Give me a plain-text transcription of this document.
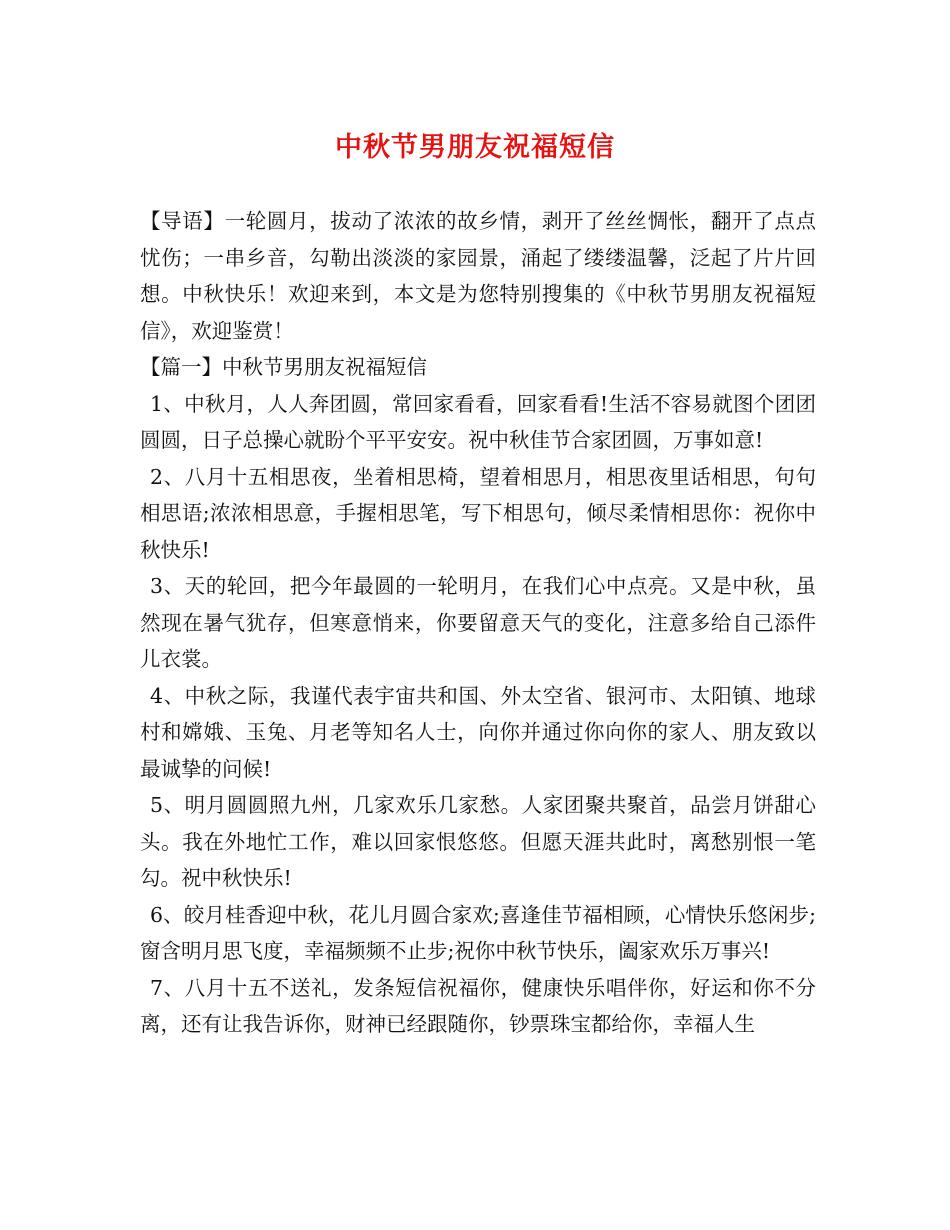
中秋节男朋友祝福短信

【导语】一轮圆月，拔动了浓浓的故乡情，剥开了丝丝惆怅，翻开了点点忧伤；一串乡音，勾勒出淡淡的家园景，涌起了缕缕温馨，泛起了片片回想。中秋快乐！欢迎来到，本文是为您特别搜集的《中秋节男朋友祝福短信》，欢迎鉴赏！

【篇一】中秋节男朋友祝福短信

1、中秋月，人人奔团圆，常回家看看，回家看看!生活不容易就图个团团圆圆，日子总操心就盼个平平安安。祝中秋佳节合家团圆，万事如意!

2、八月十五相思夜，坐着相思椅，望着相思月，相思夜里话相思，句句相思语;浓浓相思意，手握相思笔，写下相思句，倾尽柔情相思你：祝你中秋快乐!

3、天的轮回，把今年最圆的一轮明月，在我们心中点亮。又是中秋，虽然现在暑气犹存，但寒意悄来，你要留意天气的变化，注意多给自己添件儿衣裳。

4、中秋之际，我谨代表宇宙共和国、外太空省、银河市、太阳镇、地球村和嫦娥、玉兔、月老等知名人士，向你并通过你向你的家人、朋友致以最诚挚的问候!

5、明月圆圆照九州，几家欢乐几家愁。人家团聚共聚首，品尝月饼甜心头。我在外地忙工作，难以回家恨悠悠。但愿天涯共此时，离愁别恨一笔勾。祝中秋快乐!

6、皎月桂香迎中秋，花儿月圆合家欢;喜逢佳节福相顾，心情快乐悠闲步;窗含明月思飞度，幸福频频不止步;祝你中秋节快乐，阖家欢乐万事兴!

7、八月十五不送礼，发条短信祝福你，健康快乐唱伴你，好运和你不分离，还有让我告诉你，财神已经跟随你，钞票珠宝都给你，幸福人生
